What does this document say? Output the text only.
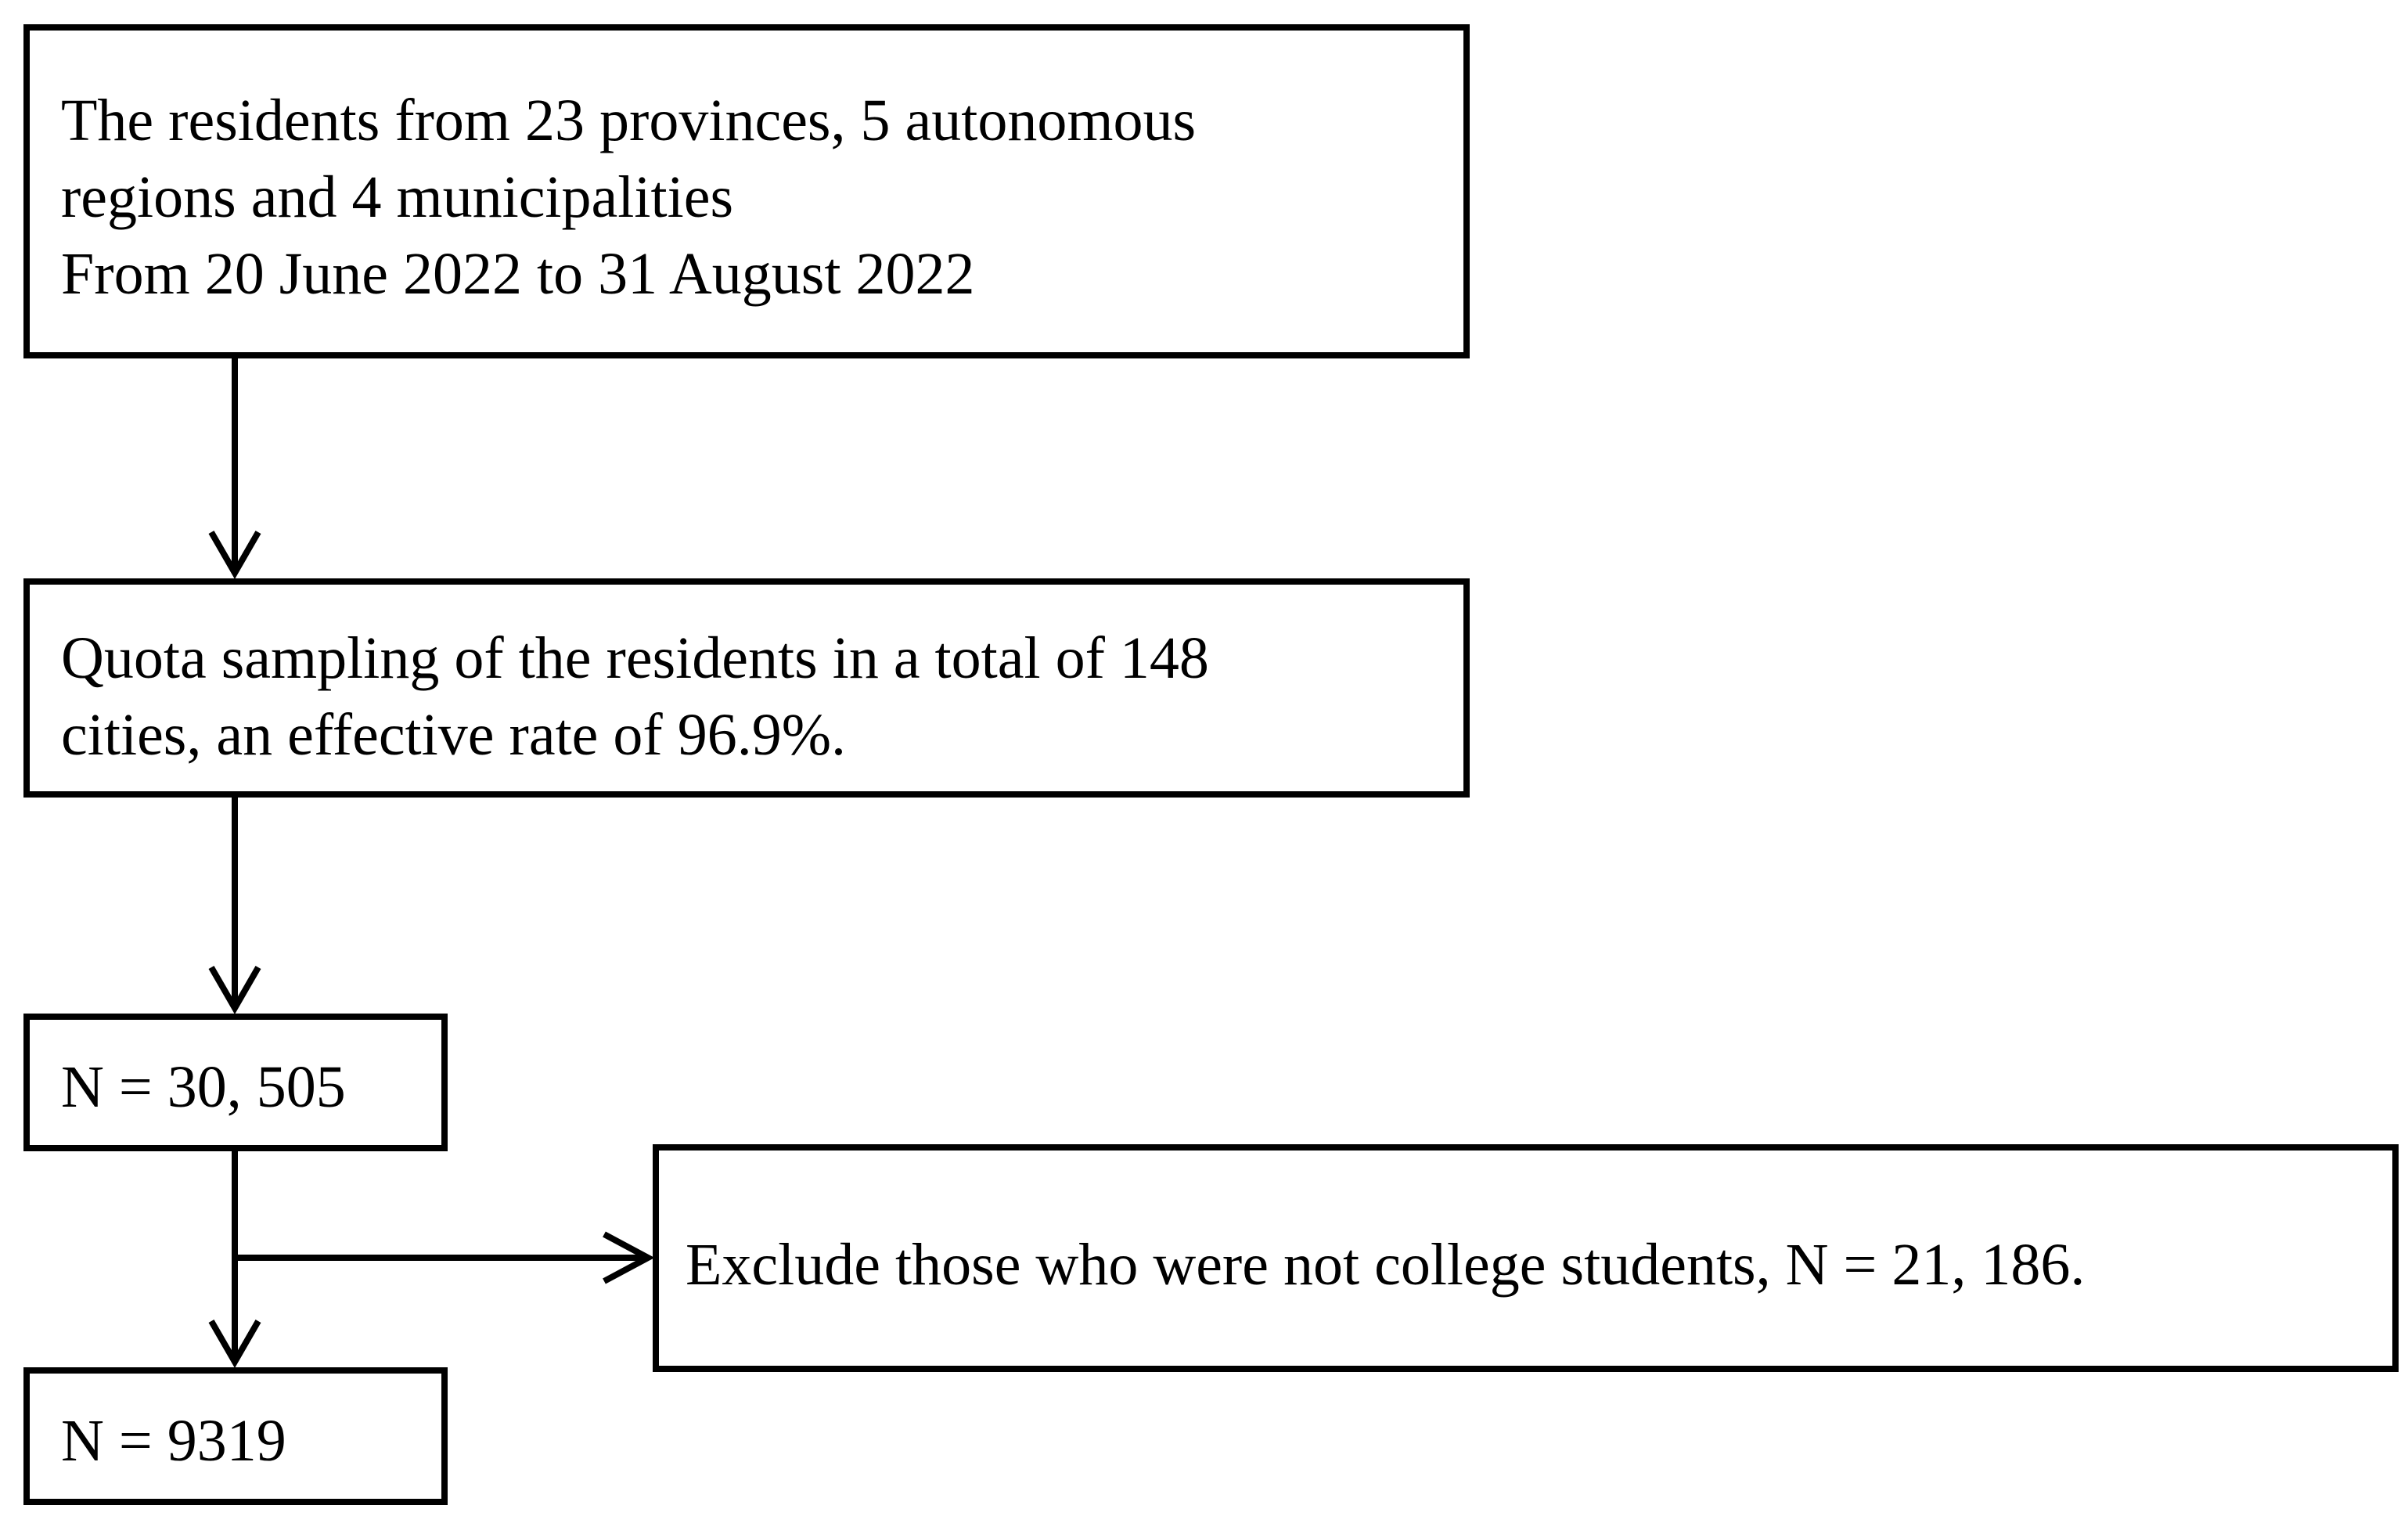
The residents from 23 provinces, 5 autonomous
regions and 4 municipalities
From 20 June 2022 to 31 August 2022
Quota sampling of the residents in a total of 148
cities, an effective rate of 96.9%.
N = 30, 505
Exclude those who were not college students, N = 21, 186.
N = 9319
